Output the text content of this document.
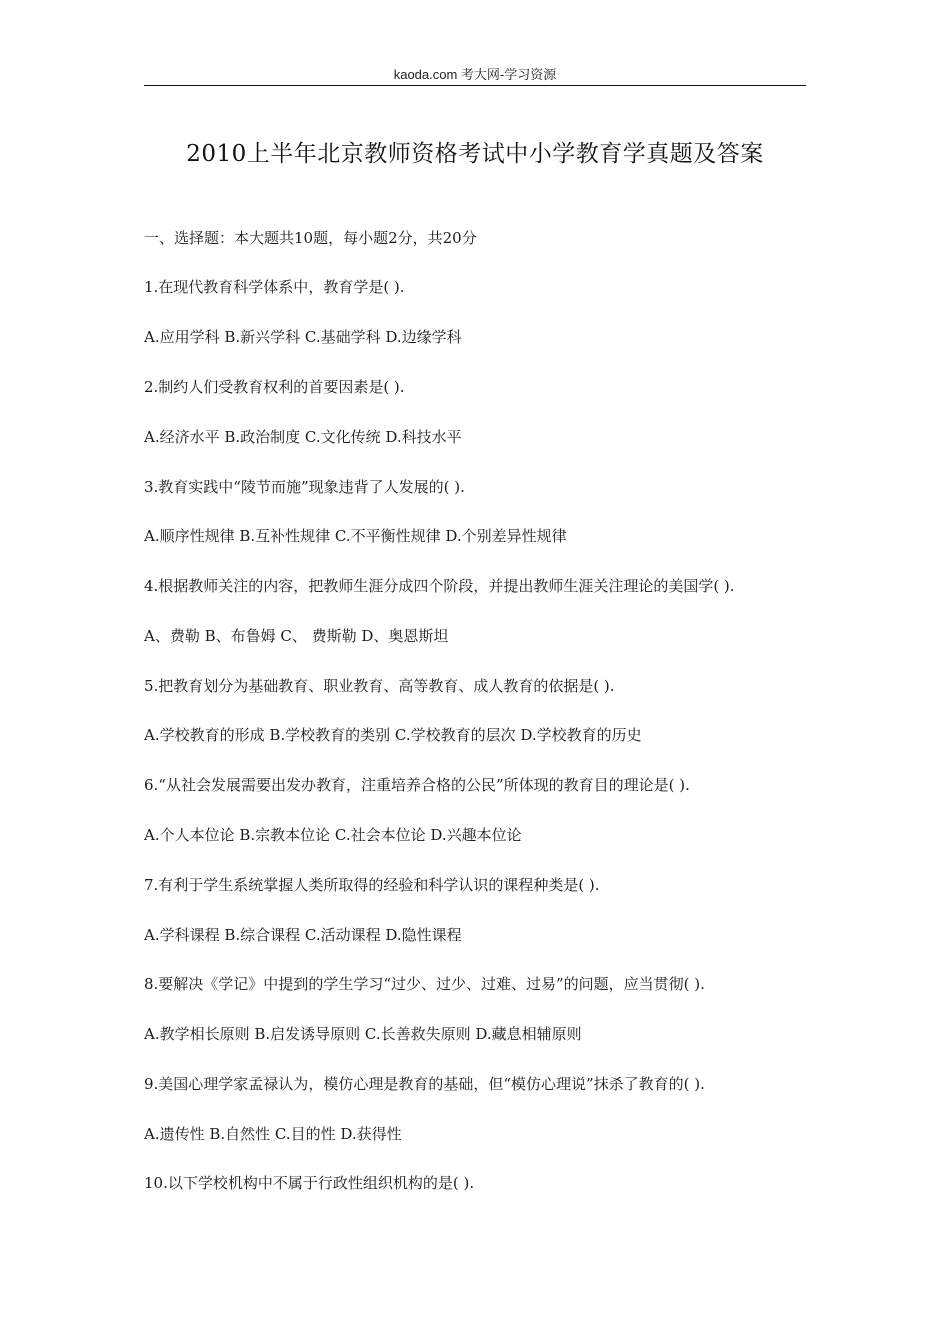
kaoda.com 考大网-学习资源
2010上半年北京教师资格考试中小学教育学真题及答案
一、选择题：本大题共10题，每小题2分，共20分
1.在现代教育科学体系中，教育学是( ).
A.应用学科 B.新兴学科 C.基础学科 D.边缘学科
2.制约人们受教育权利的首要因素是( ).
A.经济水平 B.政治制度 C.文化传统 D.科技水平
3.教育实践中“陵节而施”现象违背了人发展的( ).
A.顺序性规律 B.互补性规律 C.不平衡性规律 D.个别差异性规律
4.根据教师关注的内容，把教师生涯分成四个阶段，并提出教师生涯关注理论的美国学( ).
A、费勒 B、布鲁姆 C、 费斯勒 D、奥恩斯坦
5.把教育划分为基础教育、职业教育、高等教育、成人教育的依据是( ).
A.学校教育的形成 B.学校教育的类别 C.学校教育的层次 D.学校教育的历史
6.“从社会发展需要出发办教育，注重培养合格的公民”所体现的教育目的理论是( ).
A.个人本位论 B.宗教本位论 C.社会本位论 D.兴趣本位论
7.有利于学生系统掌握人类所取得的经验和科学认识的课程种类是( ).
A.学科课程 B.综合课程 C.活动课程 D.隐性课程
8.要解决《学记》中提到的学生学习“过少、过少、过难、过易”的问题，应当贯彻( ).
A.教学相长原则 B.启发诱导原则 C.长善救失原则 D.藏息相辅原则
9.美国心理学家孟禄认为，模仿心理是教育的基础，但“模仿心理说”抹杀了教育的( ).
A.遗传性 B.自然性 C.目的性 D.获得性
10.以下学校机构中不属于行政性组织机构的是( ).
